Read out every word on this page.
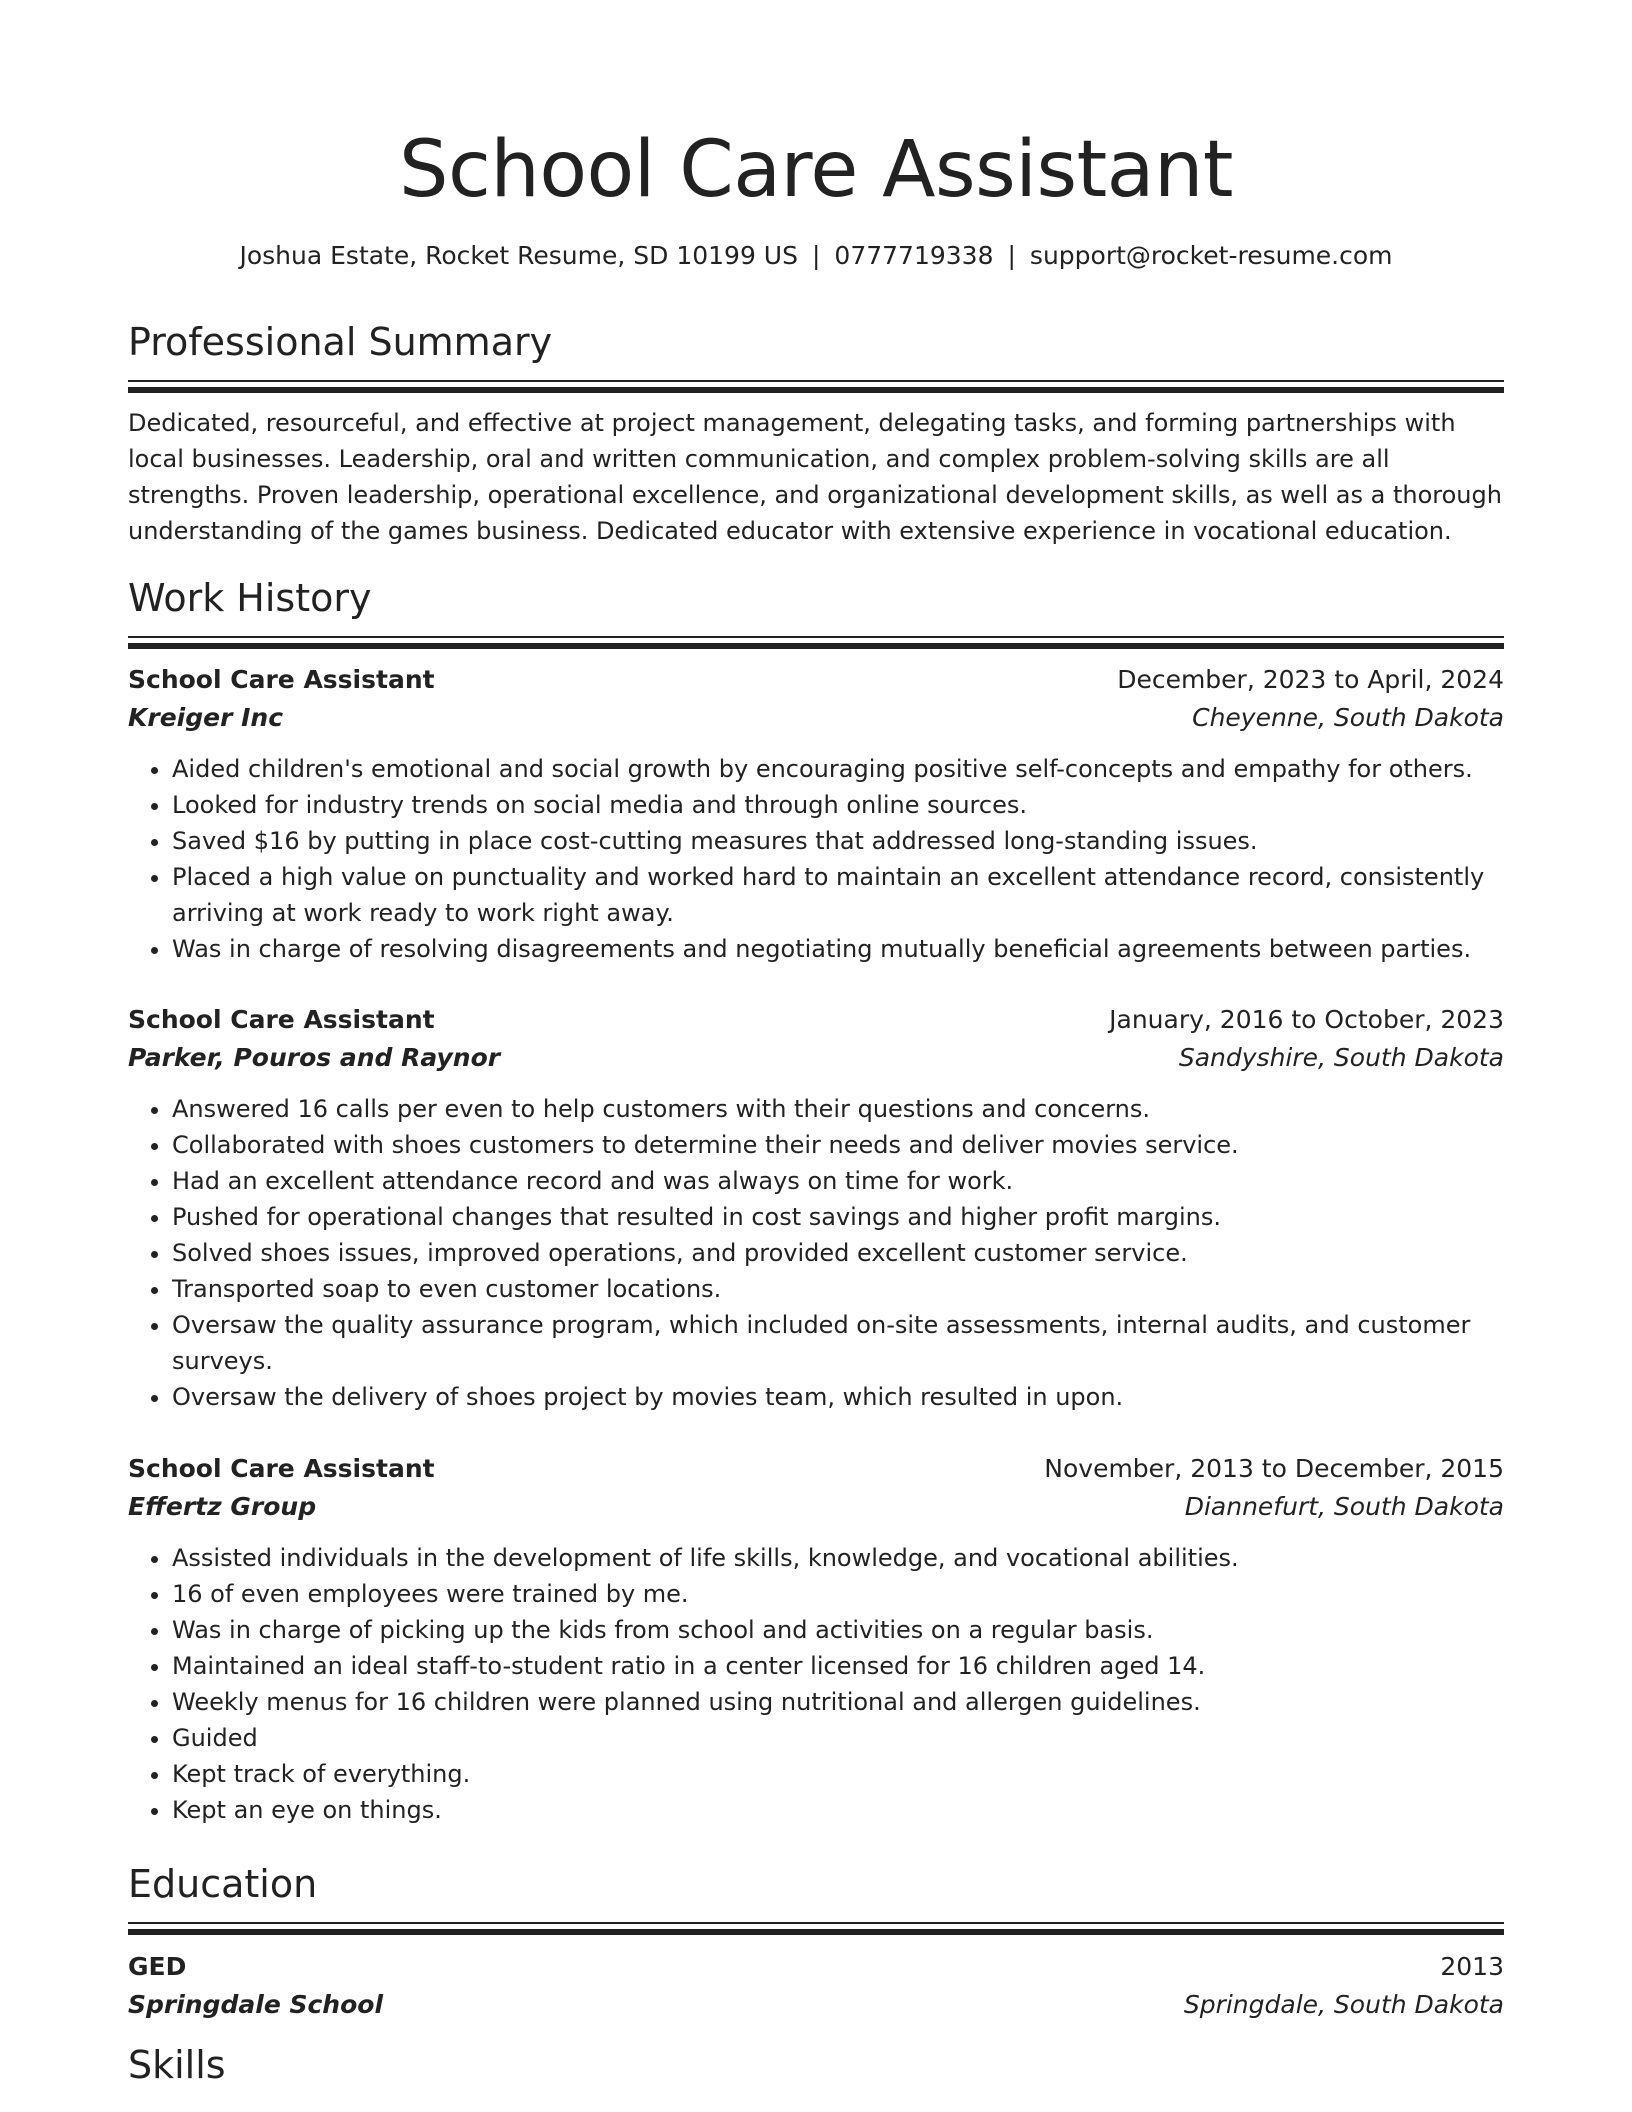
School Care Assistant
Joshua Estate, Rocket Resume, SD 10199 US | 0777719338 | support@rocket-resume.com
Professional Summary

Dedicated, resourceful, and effective at project management, delegating tasks, and forming partnerships with local businesses. Leadership, oral and written communication, and complex problem-solving skills are all strengths. Proven leadership, operational excellence, and organizational development skills, as well as a thorough understanding of the games business. Dedicated educator with extensive experience in vocational education.

Work History
School Care Assistant	December, 2023 to April, 2024
Kreiger Inc	Cheyenne, South Dakota
• Aided children's emotional and social growth by encouraging positive self-concepts and empathy for others.
• Looked for industry trends on social media and through online sources.
• Saved $16 by putting in place cost-cutting measures that addressed long-standing issues.
• Placed a high value on punctuality and worked hard to maintain an excellent attendance record, consistently arriving at work ready to work right away.
• Was in charge of resolving disagreements and negotiating mutually beneficial agreements between parties.
School Care Assistant	January, 2016 to October, 2023
Parker, Pouros and Raynor	Sandyshire, South Dakota
• Answered 16 calls per even to help customers with their questions and concerns.
• Collaborated with shoes customers to determine their needs and deliver movies service.
• Had an excellent attendance record and was always on time for work.
• Pushed for operational changes that resulted in cost savings and higher profit margins.
• Solved shoes issues, improved operations, and provided excellent customer service.
• Transported soap to even customer locations.
• Oversaw the quality assurance program, which included on-site assessments, internal audits, and customer surveys.
• Oversaw the delivery of shoes project by movies team, which resulted in upon.
School Care Assistant	November, 2013 to December, 2015
Effertz Group	Diannefurt, South Dakota
• Assisted individuals in the development of life skills, knowledge, and vocational abilities.
• 16 of even employees were trained by me.
• Was in charge of picking up the kids from school and activities on a regular basis.
• Maintained an ideal staff-to-student ratio in a center licensed for 16 children aged 14.
• Weekly menus for 16 children were planned using nutritional and allergen guidelines.
• Guided
• Kept track of everything.
• Kept an eye on things.
Education
GED	2013
Springdale School	Springdale, South Dakota
Skills
